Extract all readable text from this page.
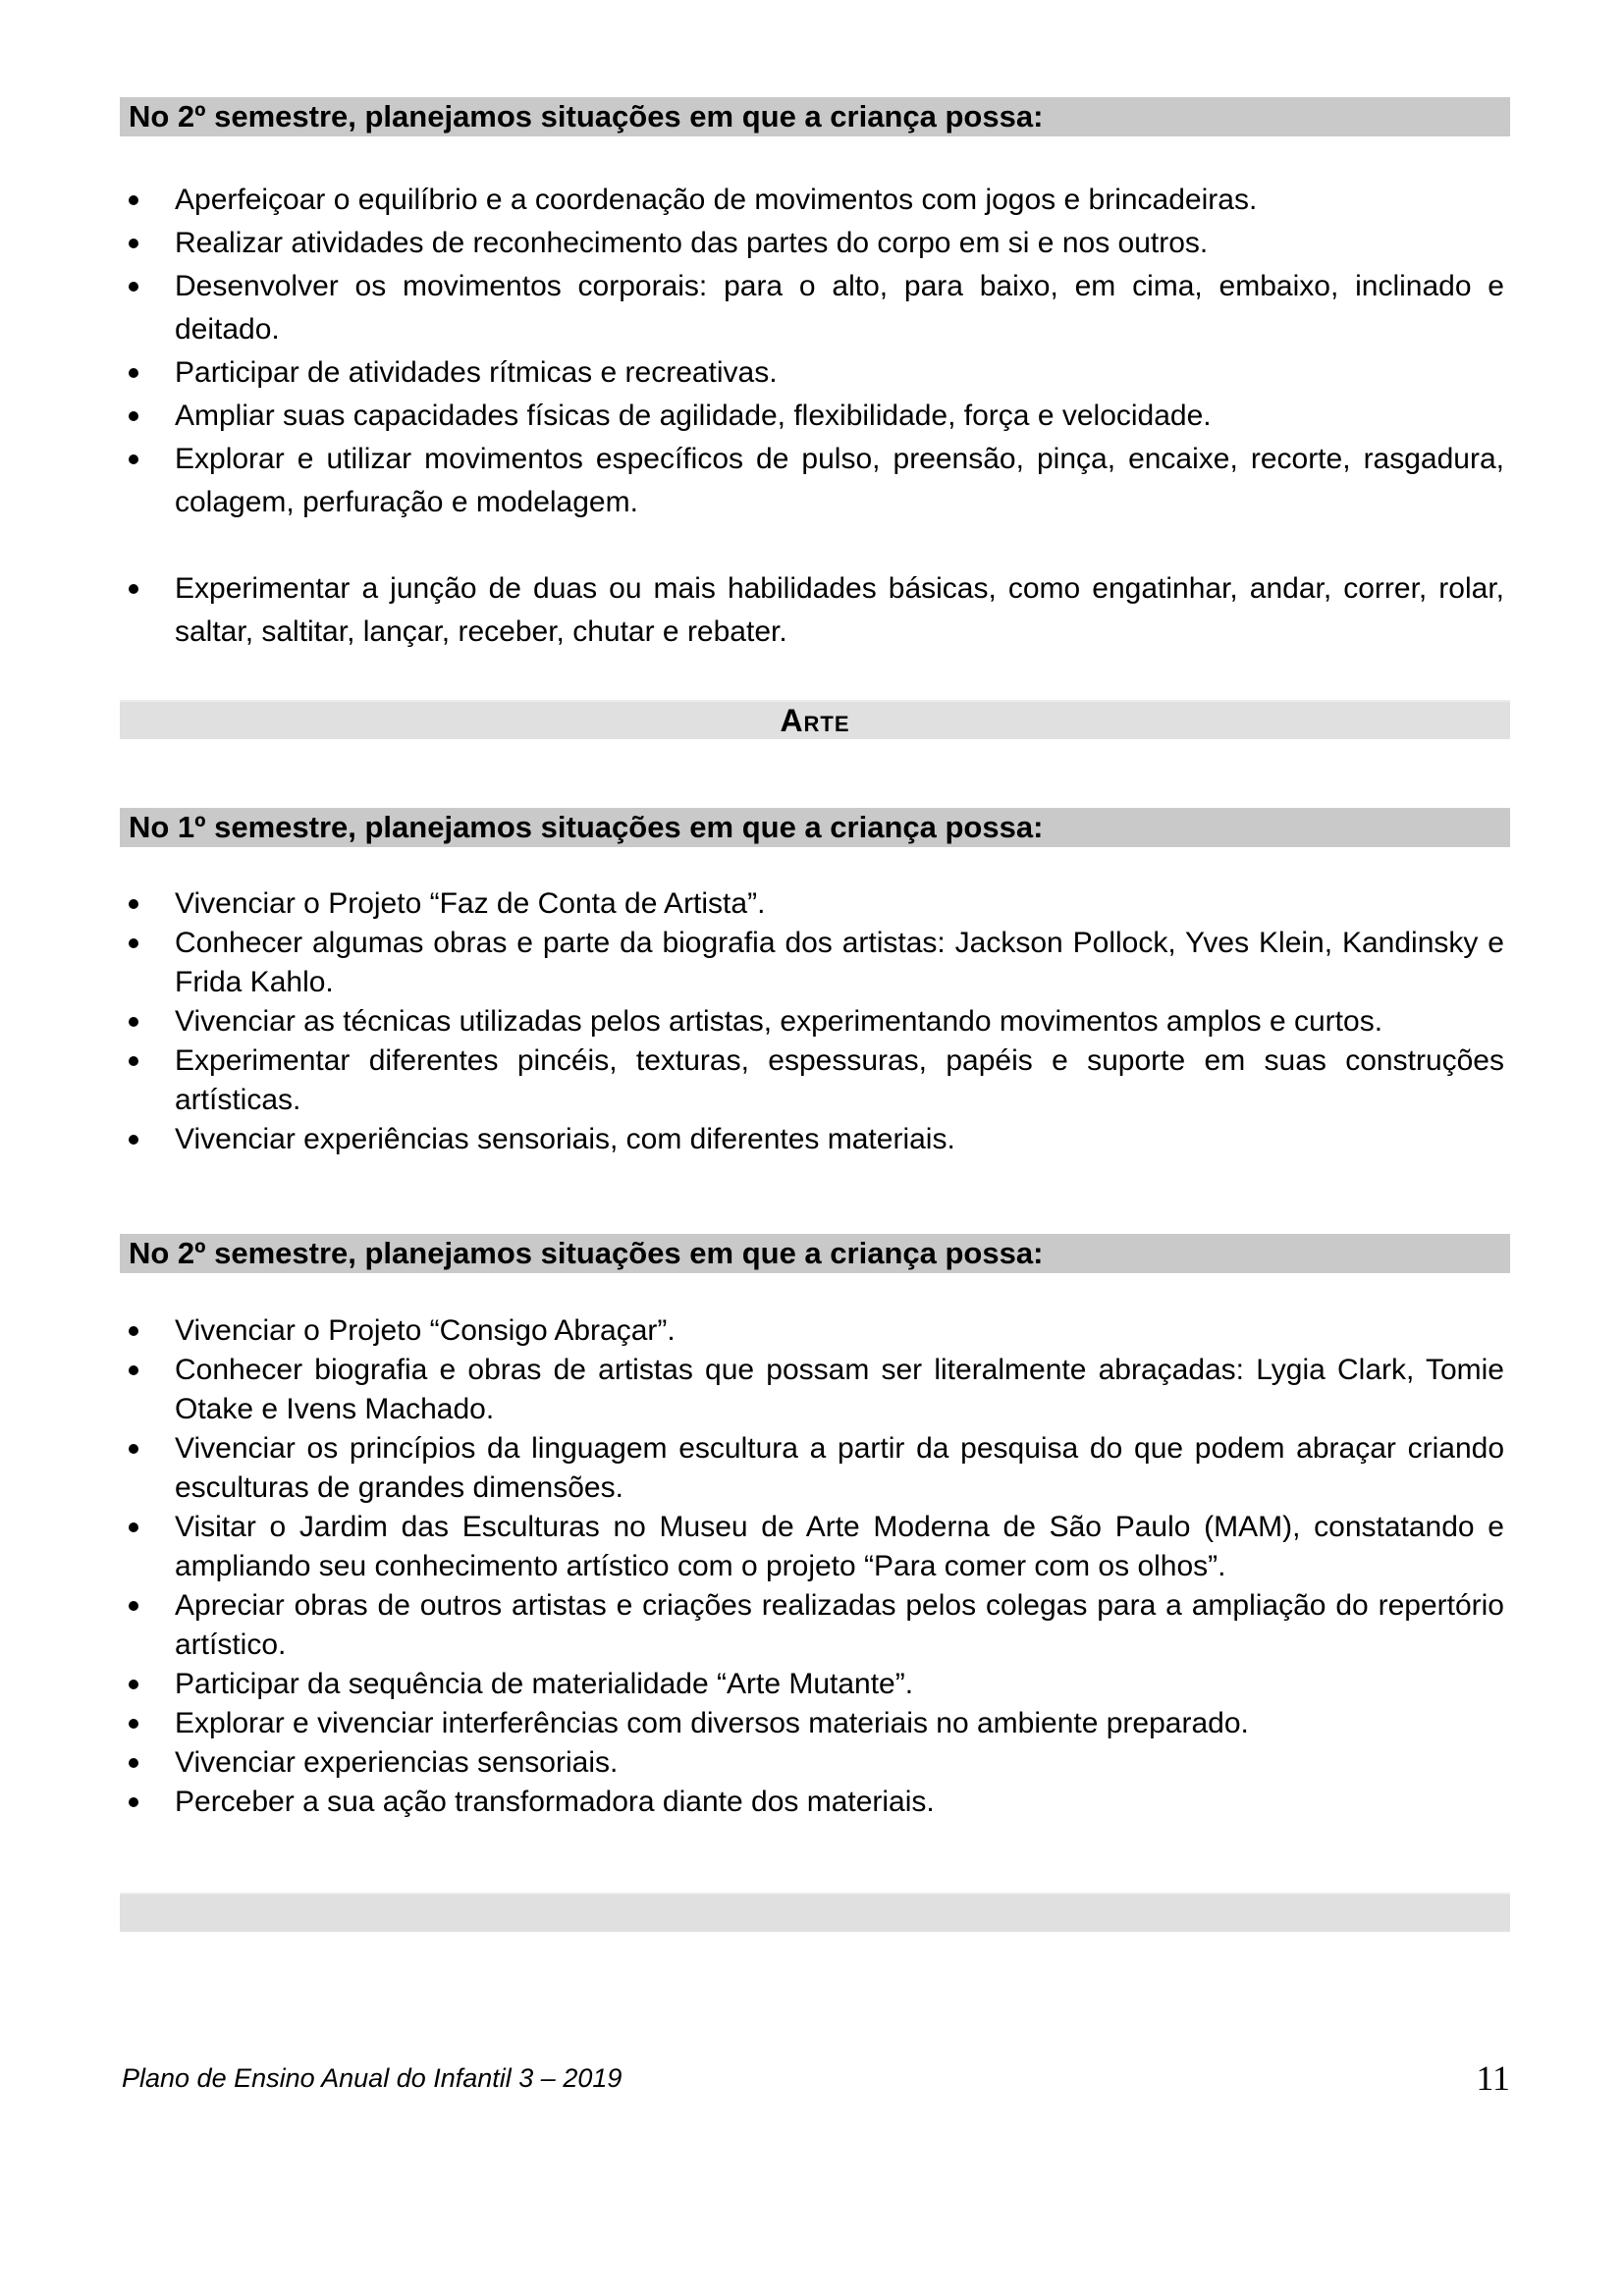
No 2º semestre, planejamos situações em que a criança possa:
Aperfeiçoar o equilíbrio e a coordenação de movimentos com jogos e brincadeiras.
Realizar atividades de reconhecimento das partes do corpo em si e nos outros.
Desenvolver os movimentos corporais: para o alto, para baixo, em cima, embaixo, inclinado e deitado.
Participar de atividades rítmicas e recreativas.
Ampliar suas capacidades físicas de agilidade, flexibilidade, força e velocidade.
Explorar e utilizar movimentos específicos de pulso, preensão, pinça, encaixe, recorte, rasgadura, colagem, perfuração e modelagem.
Experimentar a junção de duas ou mais habilidades básicas, como engatinhar, andar, correr, rolar, saltar, saltitar, lançar, receber, chutar e rebater.
Arte
No 1º semestre, planejamos situações em que a criança possa:
Vivenciar o Projeto “Faz de Conta de Artista”.
Conhecer algumas obras e parte da biografia dos artistas: Jackson Pollock, Yves Klein, Kandinsky e Frida Kahlo.
Vivenciar as técnicas utilizadas pelos artistas, experimentando movimentos amplos e curtos.
Experimentar diferentes pincéis, texturas, espessuras, papéis e suporte em suas construções artísticas.
Vivenciar experiências sensoriais, com diferentes materiais.
No 2º semestre, planejamos situações em que a criança possa:
Vivenciar o Projeto “Consigo Abraçar”.
Conhecer biografia e obras de artistas que possam ser literalmente abraçadas: Lygia Clark, Tomie Otake e Ivens Machado.
Vivenciar os princípios da linguagem escultura a partir da pesquisa do que podem abraçar criando esculturas de grandes dimensões.
Visitar o Jardim das Esculturas no Museu de Arte Moderna de São Paulo (MAM), constatando e ampliando seu conhecimento artístico com o projeto “Para comer com os olhos”.
Apreciar obras de outros artistas e criações realizadas pelos colegas para a ampliação do repertório artístico.
Participar da sequência de materialidade “Arte Mutante”.
Explorar e vivenciar interferências com diversos materiais no ambiente preparado.
Vivenciar experiencias sensoriais.
Perceber a sua ação transformadora diante dos materiais.
Plano de Ensino Anual do Infantil 3 – 2019	11
